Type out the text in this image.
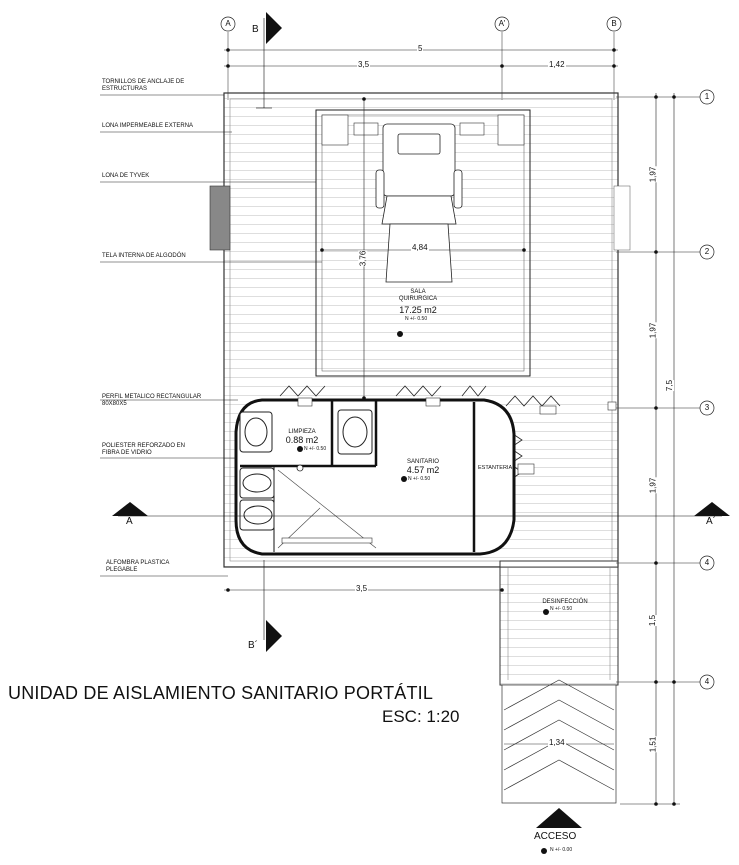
TORNILLOS DE ANCLAJE DE
ESTRUCTURAS
LONA IMPERMEABLE EXTERNA
LONA DE TYVEK
TELA INTERNA DE ALGODÓN
PERFIL METALICO RECTANGULAR
80X80X5
POLIESTER REFORZADO EN
FIBRA DE VIDRIO
ALFOMBRA PLASTICA
PLEGABLE
A	A'	B
1
2
3
4
4
B
B´
A	A´
5
3,5	1,42
3,5
1,34
4,84
3,76
1,97
1,97
1,97
1,5
1,51
7,5
SALA
QUIRURGICA
17.25 m2
N +/- 0.50
LIMPIEZA
0.88 m2
N +/- 0.50
SANITARIO
4.57 m2
N +/- 0.50
ESTANTERIA
DESINFECCIÓN
N +/- 0.50
UNIDAD DE AISLAMIENTO SANITARIO PORTÁTIL
ESC: 1:20
ACCESO
N +/- 0.00
